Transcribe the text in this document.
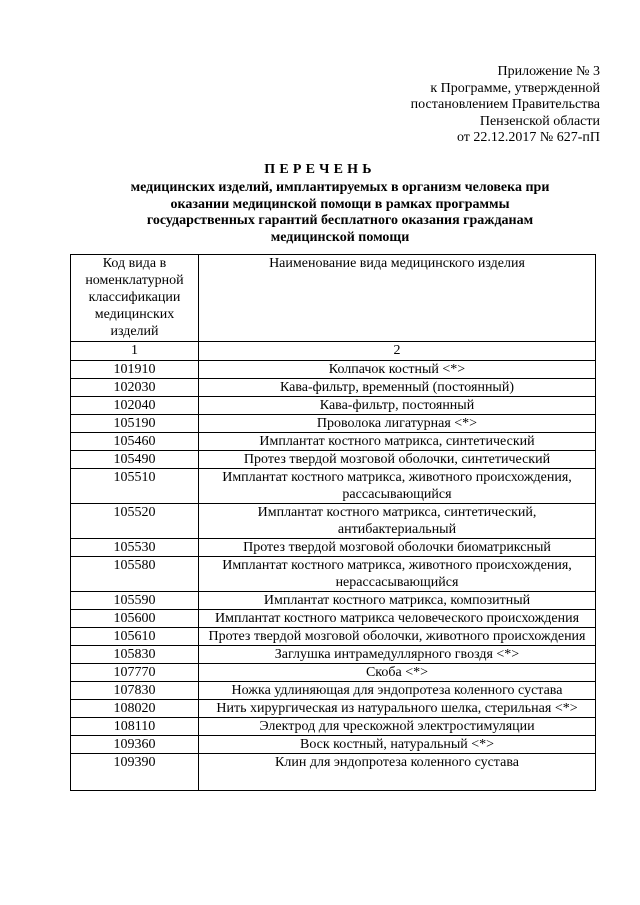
Приложение № 3
к Программе, утвержденной
постановлением Правительства
Пензенской области
от 22.12.2017 № 627-пП
ПЕРЕЧЕНЬ
медицинских изделий, имплантируемых в организм человека при
оказании медицинской помощи в рамках программы
государственных гарантий бесплатного оказания гражданам
медицинской помощи
Код вида в номенклатурной классификации медицинских изделий	Наименование вида медицинского изделия
1	2
101910	Колпачок костный <*>
102030	Кава-фильтр, временный (постоянный)
102040	Кава-фильтр, постоянный
105190	Проволока лигатурная <*>
105460	Имплантат костного матрикса, синтетический
105490	Протез твердой мозговой оболочки, синтетический
105510	Имплантат костного матрикса, животного происхождения, рассасывающийся
105520	Имплантат костного матрикса, синтетический, антибактериальный
105530	Протез твердой мозговой оболочки биоматриксный
105580	Имплантат костного матрикса, животного происхождения, нерассасывающийся
105590	Имплантат костного матрикса, композитный
105600	Имплантат костного матрикса человеческого происхождения
105610	Протез твердой мозговой оболочки, животного происхождения
105830	Заглушка интрамедуллярного гвоздя <*>
107770	Скоба <*>
107830	Ножка удлиняющая для эндопротеза коленного сустава
108020	Нить хирургическая из натурального шелка, стерильная <*>
108110	Электрод для чрескожной электростимуляции
109360	Воск костный, натуральный <*>
109390	Клин для эндопротеза коленного сустава
